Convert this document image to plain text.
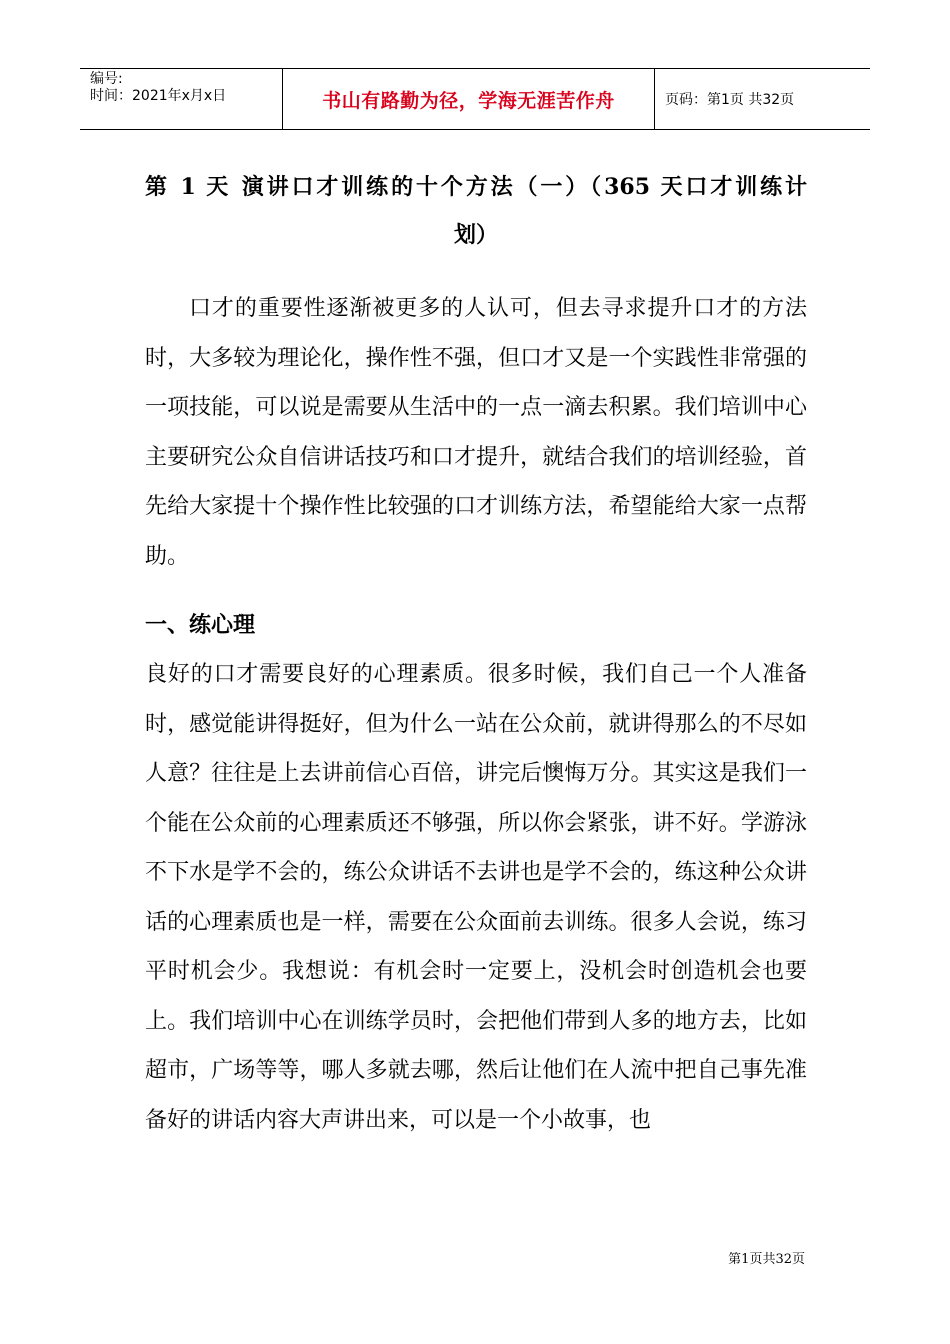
编号:
时间：2021年x月x日	书山有路勤为径，学海无涯苦作舟	页码：第1页 共32页
第 1 天 演讲口才训练的十个方法（一）（365 天口才训练计
划）

口才的重要性逐渐被更多的人认可，但去寻求提升口才的方法时，大多较为理论化，操作性不强，但口才又是一个实践性非常强的一项技能，可以说是需要从生活中的一点一滴去积累。我们培训中心主要研究公众自信讲话技巧和口才提升，就结合我们的培训经验，首先给大家提十个操作性比较强的口才训练方法，希望能给大家一点帮助。

一、练心理

良好的口才需要良好的心理素质。很多时候，我们自己一个人准备时，感觉能讲得挺好，但为什么一站在公众前，就讲得那么的不尽如人意？往往是上去讲前信心百倍，讲完后懊悔万分。其实这是我们一个能在公众前的心理素质还不够强，所以你会紧张，讲不好。学游泳不下水是学不会的，练公众讲话不去讲也是学不会的，练这种公众讲话的心理素质也是一样，需要在公众面前去训练。很多人会说，练习平时机会少。我想说：有机会时一定要上，没机会时创造机会也要上。我们培训中心在训练学员时，会把他们带到人多的地方去，比如超市，广场等等，哪人多就去哪，然后让他们在人流中把自己事先准备好的讲话内容大声讲出来，可以是一个小故事，也

第1页共32页
